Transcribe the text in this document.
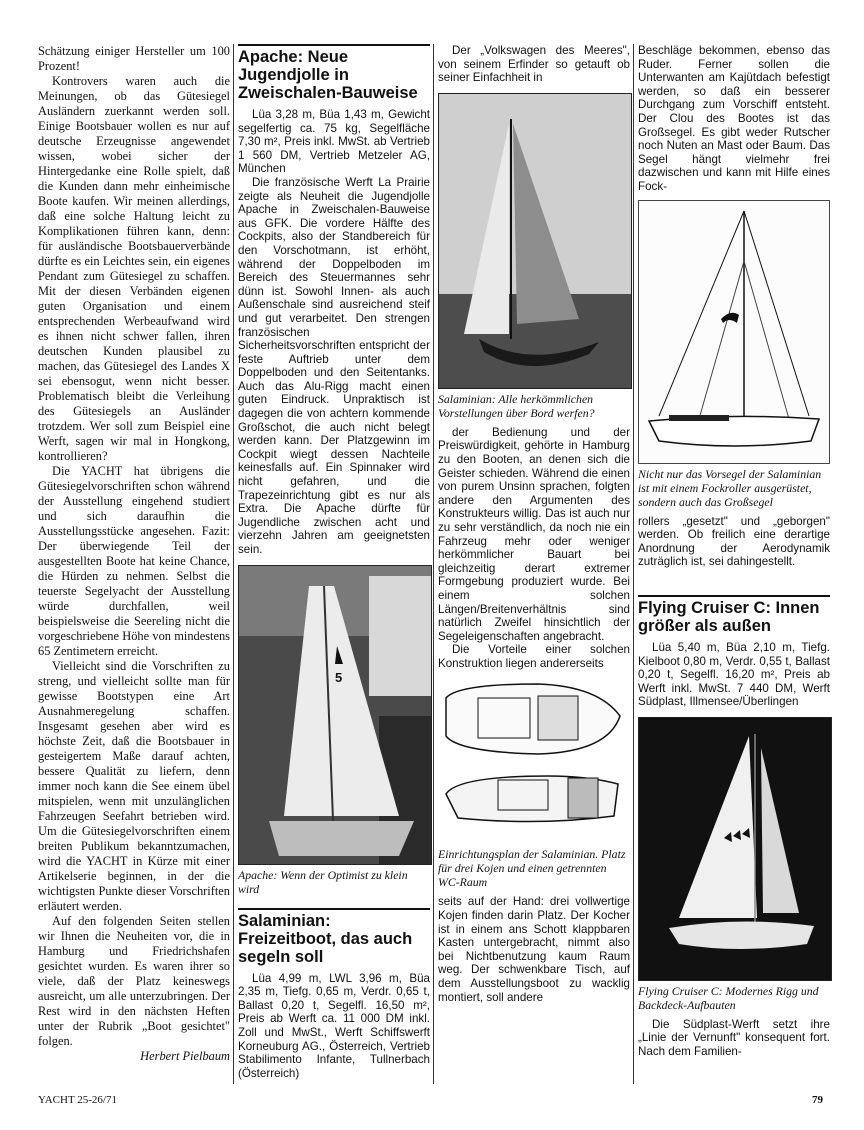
Schätzung einiger Hersteller um 100 Prozent!

Kontrovers waren auch die Meinungen, ob das Gütesiegel Ausländern zuerkannt werden soll. Einige Bootsbauer wollen es nur auf deutsche Erzeugnisse angewendet wissen, wobei sicher der Hintergedanke eine Rolle spielt, daß die Kunden dann mehr einheimische Boote kaufen. Wir meinen allerdings, daß eine solche Haltung leicht zu Komplikationen führen kann, denn: für ausländische Bootsbauerverbände dürfte es ein Leichtes sein, ein eigenes Pendant zum Gütesiegel zu schaffen. Mit der diesen Verbänden eigenen guten Organisation und einem entsprechenden Werbeaufwand wird es ihnen nicht schwer fallen, ihren deutschen Kunden plausibel zu machen, das Gütesiegel des Landes X sei ebensogut, wenn nicht besser. Problematisch bleibt die Verleihung des Gütesiegels an Ausländer trotzdem. Wer soll zum Beispiel eine Werft, sagen wir mal in Hongkong, kontrollieren?

Die YACHT hat übrigens die Gütesiegelvorschriften schon während der Ausstellung eingehend studiert und sich daraufhin die Ausstellungsstücke angesehen. Fazit: Der überwiegende Teil der ausgestellten Boote hat keine Chance, die Hürden zu nehmen. Selbst die teuerste Segelyacht der Ausstellung würde durchfallen, weil beispielsweise die Seereling nicht die vorgeschriebene Höhe von mindestens 65 Zentimetern erreicht.

Vielleicht sind die Vorschriften zu streng, und vielleicht sollte man für gewisse Bootstypen eine Art Ausnahmeregelung schaffen. Insgesamt gesehen aber wird es höchste Zeit, daß die Bootsbauer in gesteigertem Maße darauf achten, bessere Qualität zu liefern, denn immer noch kann die See einem übel mitspielen, wenn mit unzulänglichen Fahrzeugen Seefahrt betrieben wird. Um die Gütesiegelvorschriften einem breiten Publikum bekanntzumachen, wird die YACHT in Kürze mit einer Artikelserie beginnen, in der die wichtigsten Punkte dieser Vorschriften erläutert werden.

Auf den folgenden Seiten stellen wir Ihnen die Neuheiten vor, die in Hamburg und Friedrichshafen gesichtet wurden. Es waren ihrer so viele, daß der Platz keineswegs ausreicht, um alle unterzubringen. Der Rest wird in den nächsten Heften unter der Rubrik „Boot gesichtet" folgen.

Herbert Pielbaum

Apache: Neue Jugendjolle in Zweischalen-Bauweise

Lüa 3,28 m, Büa 1,43 m, Gewicht segelfertig ca. 75 kg, Segelfläche 7,30 m², Preis inkl. MwSt. ab Vertrieb 1 560 DM, Vertrieb Metzeler AG, München

Die französische Werft La Prairie zeigte als Neuheit die Jugendjolle Apache in Zweischalen-Bauweise aus GFK. Die vordere Hälfte des Cockpits, also der Standbereich für den Vorschotmann, ist erhöht, während der Doppelboden im Bereich des Steuermannes sehr dünn ist. Sowohl Innen- als auch Außenschale sind ausreichend steif und gut verarbeitet. Den strengen französischen Sicherheitsvorschriften entspricht der feste Auftrieb unter dem Doppelboden und den Seitentanks. Auch das Alu-Rigg macht einen guten Eindruck. Unpraktisch ist dagegen die von achtern kommende Großschot, die auch nicht belegt werden kann. Der Platzgewinn im Cockpit wiegt dessen Nachteile keinesfalls auf. Ein Spinnaker wird nicht gefahren, und die Trapezeinrichtung gibt es nur als Extra. Die Apache dürfte für Jugendliche zwischen acht und vierzehn Jahren am geeignetsten sein.

5
Apache: Wenn der Optimist zu klein wird
Salaminian: Freizeitboot, das auch segeln soll

Lüa 4,99 m, LWL 3,96 m, Büa 2,35 m, Tiefg. 0,65 m, Verdr. 0,65 t, Ballast 0,20 t, Segelfl. 16,50 m², Preis ab Werft ca. 11 000 DM inkl. Zoll und MwSt., Werft Schiffswerft Korneuburg AG., Österreich, Vertrieb Stabilimento Infante, Tullnerbach (Österreich)

Der „Volkswagen des Meeres", von seinem Erfinder so getauft ob seiner Einfachheit in

Salaminian: Alle herkömmlichen Vorstellungen über Bord werfen?

der Bedienung und der Preiswürdigkeit, gehörte in Hamburg zu den Booten, an denen sich die Geister schieden. Während die einen von purem Unsinn sprachen, folgten andere den Argumenten des Konstrukteurs willig. Das ist auch nur zu sehr verständlich, da noch nie ein Fahrzeug mehr oder weniger herkömmlicher Bauart bei gleichzeitig derart extremer Formgebung produziert wurde. Bei einem solchen Längen/Breitenverhältnis sind natürlich Zweifel hinsichtlich der Segeleigenschaften angebracht.

Die Vorteile einer solchen Konstruktion liegen andererseits

Einrichtungsplan der Salaminian. Platz für drei Kojen und einen getrennten WC-Raum

seits auf der Hand: drei vollwertige Kojen finden darin Platz. Der Kocher ist in einem ans Schott klappbaren Kasten untergebracht, nimmt also bei Nichtbenutzung kaum Raum weg. Der schwenkbare Tisch, auf dem Ausstellungsboot zu wacklig montiert, soll andere

Beschläge bekommen, ebenso das Ruder. Ferner sollen die Unterwanten am Kajütdach befestigt werden, so daß ein besserer Durchgang zum Vorschiff entsteht. Der Clou des Bootes ist das Großsegel. Es gibt weder Rutscher noch Nuten an Mast oder Baum. Das Segel hängt vielmehr frei dazwischen und kann mit Hilfe eines Fock-

Nicht nur das Vorsegel der Salaminian ist mit einem Fockroller ausgerüstet, sondern auch das Großsegel

rollers „gesetzt" und „geborgen" werden. Ob freilich eine derartige Anordnung der Aerodynamik zuträglich ist, sei dahingestellt.

Flying Cruiser C: Innen größer als außen

Lüa 5,40 m, Büa 2,10 m, Tiefg. Kielboot 0,80 m, Verdr. 0,55 t, Ballast 0,20 t, Segelfl. 16,20 m², Preis ab Werft inkl. MwSt. 7 440 DM, Werft Südplast, Illmensee/Überlingen

Flying Cruiser C: Modernes Rigg und Backdeck-Aufbauten

Die Südplast-Werft setzt ihre „Linie der Vernunft" konsequent fort. Nach dem Familien-

YACHT 25-26/71	79
